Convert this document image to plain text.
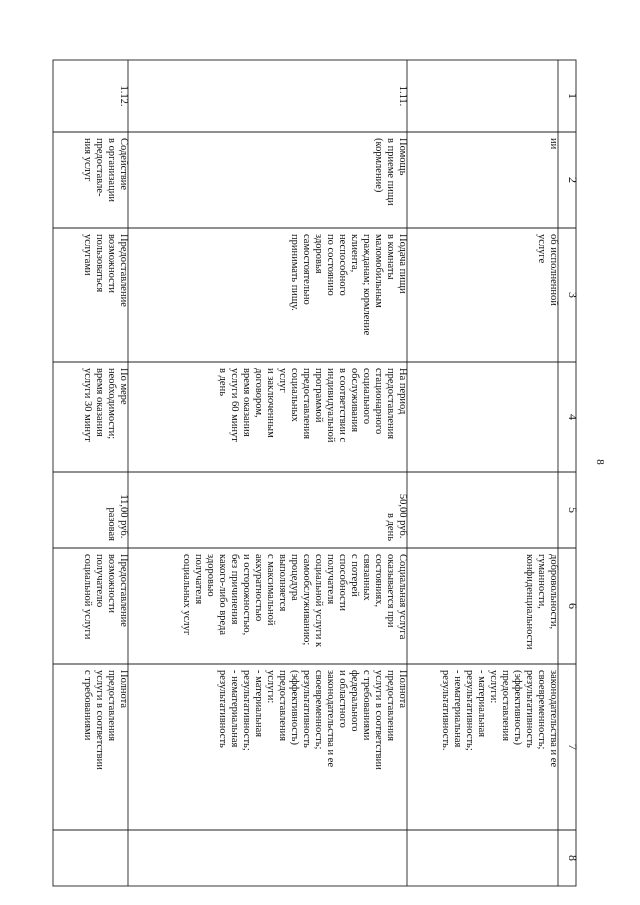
8
1
2
3
4
5
6
7
8
ии
об исполненной услуге
добровольности, гуманности, конфиденциальности
законодательства и ее своевременность; результативность (эффективность) предоставления услуги: - материальная результативность; - нематериальная результативность.
1.11.
Помощь в приеме пищи (кормление)
Подача пищи в комнаты маломобильным гражданам; кормление клиента, неспособного по состоянию здоровья самостоятельно принимать пищу.
На период предоставления стационарного социального обслуживания в соответствии с индивидуальной программой предоставления социальных услуг и заключенным договором, время оказания услуги 60 минут в день
50,00 руб. в день
Социальная услуга оказывается при состояниях, связанных с потерей способности получателя социальной услуги к самообслуживанию; процедура выполняется с максимальной аккуратностью и осторожностью, без причинения какого-либо вреда здоровью получателя социальных услуг
Полнота предоставления услуги в соответствии с требованиями федерального и областного законодательства и ее своевременность; результативность (эффективность) предоставления услуги: - материальная результативность; - нематериальная результативность
1.12.
Содействие в организации предоставле- ния услуг
Предоставление возможности пользоваться услугами
По мере необходимости; время оказания услуги 30 минут
11,00 руб. разовая
Предоставление возможности получателю социальной услуги
Полнота предоставления услуги в соответствии с требованиями
